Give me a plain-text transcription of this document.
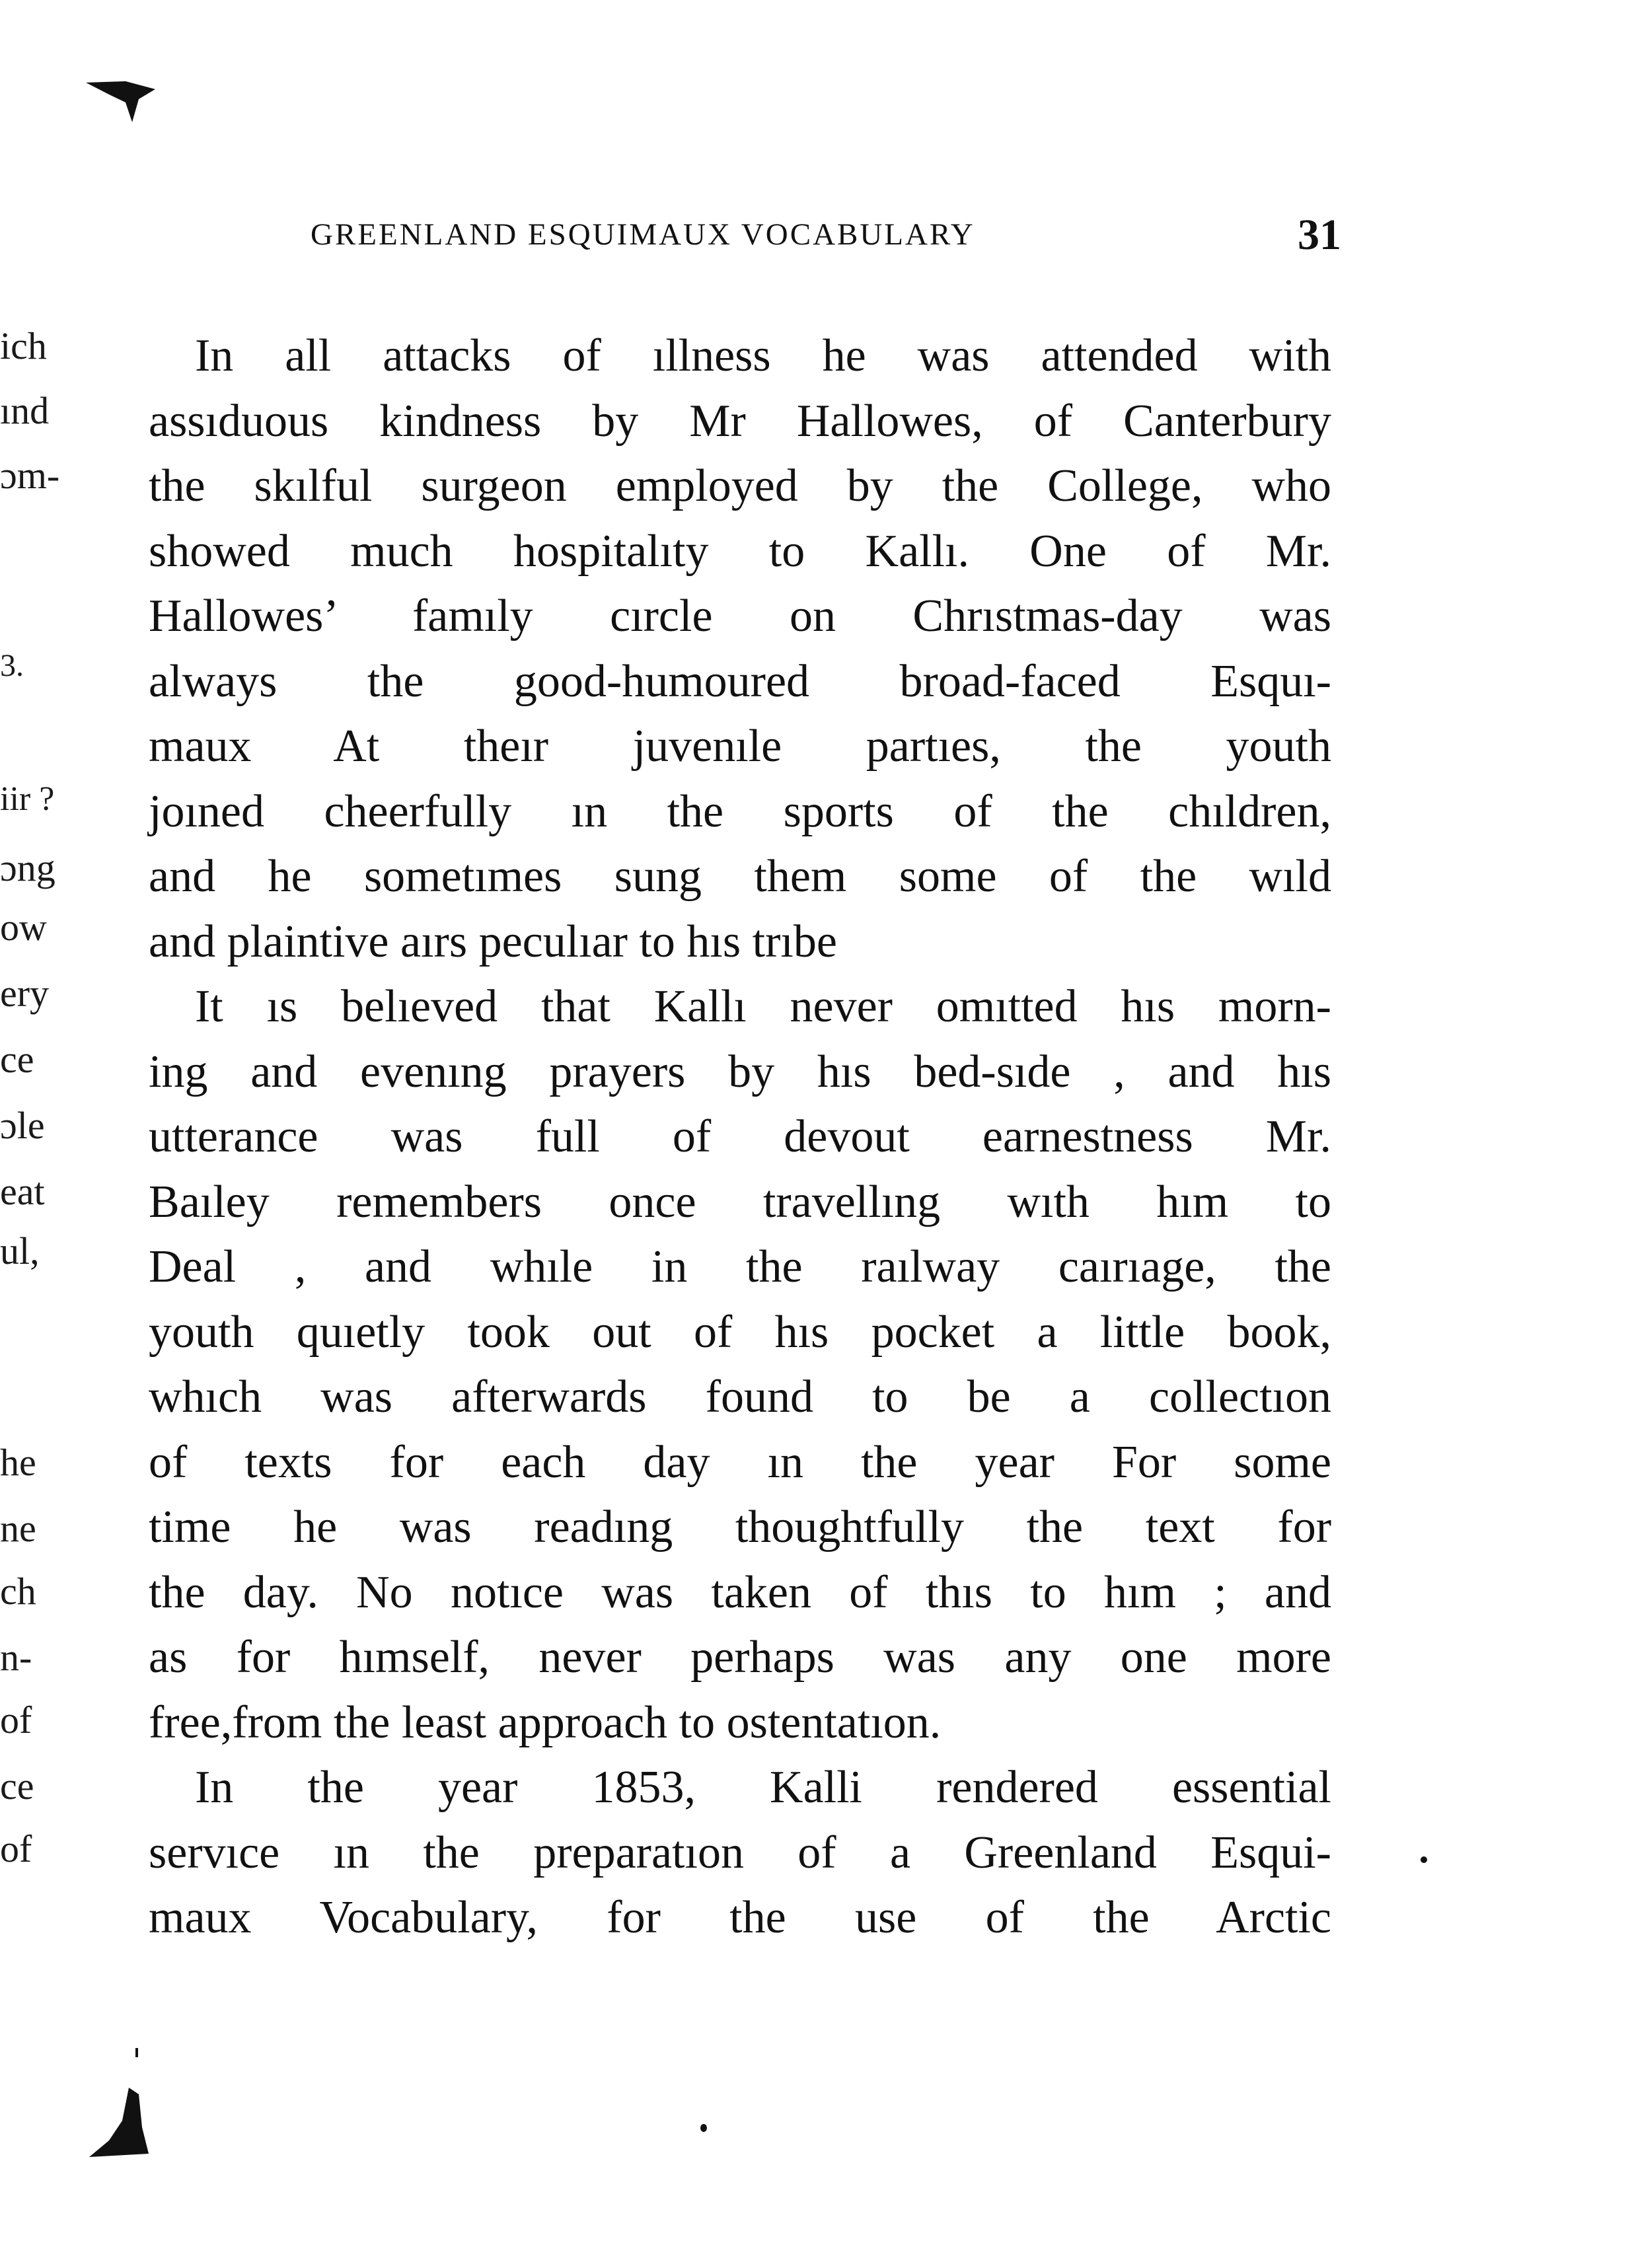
GREENLAND ESQUIMAUX VOCABULARY	31
ich
ınd
ɔm-
3.
iir ?
ɔng
ow
ery
ce
ɔle
eat
ul,
he
ne
ch
n-
of
ce
of
In all attacks of ıllness he was attended with
assıduous kindness by Mr Hallowes, of Canterbury
the skılful surgeon employed by the College, who
showed much hospitalıty to Kallı. One of Mr.
Hallowes’ famıly cırcle on Chrıstmas-day was
always the good-humoured broad-faced Esquı-
maux At theır juvenıle partıes, the youth
joıned cheerfully ın the sports of the chıldren,
and he sometımes sung them some of the wıld
and plaintive aırs peculıar to hıs trıbe
It ıs belıeved that Kallı never omıtted hıs morn-
ing and evenıng prayers by hıs bed-sıde , and hıs
utterance was full of devout earnestness Mr.
Baıley remembers once travellıng wıth hım to
Deal , and whıle in the raılway caırıage, the
youth quıetly took out of hıs pocket a little book,
whıch was afterwards found to be a collectıon
of texts for each day ın the year For some
time he was readıng thoughtfully the text for
the day. No notıce was taken of thıs to hım ; and
as for hımself, never perhaps was any one more
free,from the least approach to ostentatıon.
In the year 1853, Kalli rendered essential
servıce ın the preparatıon of a Greenland Esqui-
maux Vocabulary, for the use of the Arctic
